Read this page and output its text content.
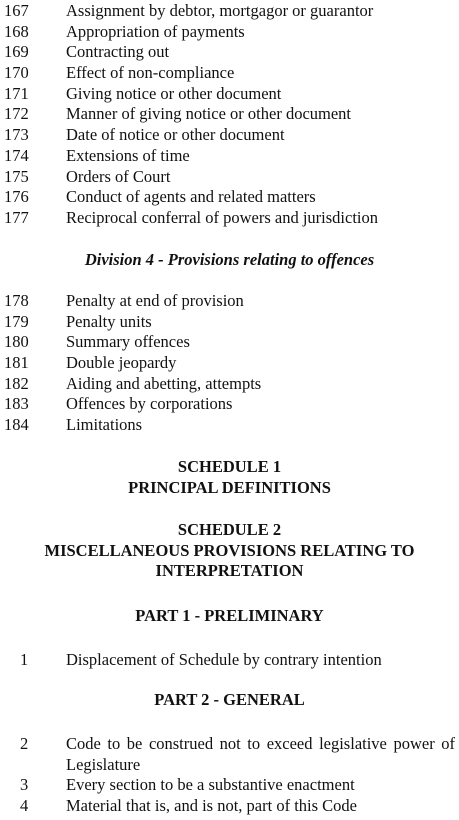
167	Assignment by debtor, mortgagor or guarantor
168	Appropriation of payments
169	Contracting out
170	Effect of non-compliance
171	Giving notice or other document
172	Manner of giving notice or other document
173	Date of notice or other document
174	Extensions of time
175	Orders of Court
176	Conduct of agents and related matters
177	Reciprocal conferral of powers and jurisdiction
Division 4 - Provisions relating to offences
178	Penalty at end of provision
179	Penalty units
180	Summary offences
181	Double jeopardy
182	Aiding and abetting, attempts
183	Offences by corporations
184	Limitations
SCHEDULE 1
PRINCIPAL DEFINITIONS
SCHEDULE 2
MISCELLANEOUS PROVISIONS RELATING TO
INTERPRETATION
PART 1 - PRELIMINARY
1	Displacement of Schedule by contrary intention
PART 2 - GENERAL
2	Code to be construed not to exceed legislative power of Legislature
3	Every section to be a substantive enactment
4	Material that is, and is not, part of this Code
